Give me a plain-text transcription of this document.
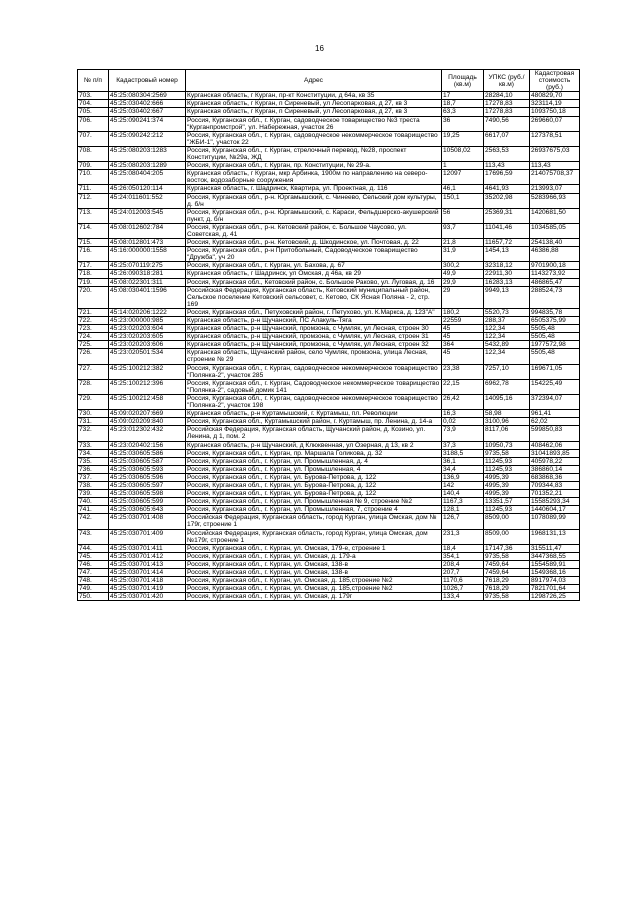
16
№ п/п	Кадастровый номер	Адрес	Площадь (кв.м)	УПКС (руб./кв.м)	Кадастровая стоимость (руб.)
703.	45:25:080304:2569	Курганская область, г Курган, пр-кт Конституции, д 64а, кв 35	17	28284,10	480829,70
704.	45:25:030402:666	Курганская область, г Курган, п Сиреневый, ул Лесопарковая, д 27, кв 3	18,7	17278,83	323114,19
705.	45:25:030402:667	Курганская область, г Курган, п Сиреневый, ул Лесопарковая, д 27, кв 3	63,3	17278,83	1093750,18
706.	45:25:090241:374	Россия, Курганская обл., г. Курган, садоводческое товарищество №3 треста "Курганпромстрой", ул. Набережная, участок 26	36	7490,56	269660,07
707.	45:25:090242:212	Россия, Курганская обл., г. Курган, садоводческое некоммерческое товарищество "ЖБИ-1", участок 22	19,25	6617,07	127378,51
708.	45:25:080203:1283	Россия, Курганская обл., г. Курган, стрелочный перевод, №28, проспект Конституции, №29а, ЖД	10508,02	2563,53	26937675,03
709.	45:25:080203:1289	Россия, Курганская обл., г. Курган, пр. Конституции, № 29-а.	1	113,43	113,43
710.	45:25:080404:205	Курганская область, г Курган, мкр Арбинка, 1900м по направлению на северо-восток, водозаборные сооружения	12097	17696,59	214075708,37
711.	45:26:050120:114	Курганская область, г. Шадринск, Квартира, ул. Проектная, д. 116	46,1	4641,93	213993,07
712.	45:24:011601:552	Россия, Курганская обл., р-н. Юргамышский, с. Чинеево, Сельский дом культуры, д. б/н	150,1	35202,98	5283966,93
713.	45:24:012003:545	Россия, Курганская обл., р-н. Юргамышский, с. Караси, Фельдшерско-акушерский пункт, д. б/н	56	25369,31	1420681,50
714.	45:08:012602:784	Россия, Курганская обл., р-н. Кетовский район, с. Большое Чаусово, ул. Советская, д. 41	93,7	11041,46	1034585,05
715.	45:08:012801:473	Россия, Курганская обл., р-н. Кетовский, д. Шкодинское, ул. Почтовая, д. 22	21,8	11657,72	254138,40
716.	45:16:000000:1558	Россия, Курганская обл., р-н Притобольный, Садоводческое товарищество "Дружба", уч 20	31,9	1454,13	46386,88
717.	45:25:070119:275	Россия, Курганская обл., г. Курган, ул. Бахова, д. 67	300,2	32318,12	9701900,18
718.	45:26:090318:281	Курганская область, г Шадринск, ул Омская, д 46а, кв 29	49,9	22911,30	1143273,92
719.	45:08:022301:311	Россия, Курганская обл., Кетовский район, с. Большое Раково, ул. Луговая, д. 16	29,9	16283,13	486865,47
720.	45:08:030401:1596	Российская Федерация, Курганская область, Кетовский муниципальный район, Сельское поселение Кетовский сельсовет, с. Кетово, СК Ясная Поляна - 2, стр. 169	29	9949,13	288524,73
721.	45:14:020206:1222	Россия, Курганская обл., Петуховский район, г. Петухово, ул. К.Маркса, д. 123"А"	180,2	5520,73	994835,78
722.	45:23:000000:985	Курганская область, р-н Щучанский, ПС Алакуль-Тяга	22559	288,37	6505375,99
723.	45:23:020203:604	Курганская область, р-н Щучанский, промзона, с Чумляк, ул Лесная, строен 30	45	122,34	5505,48
724.	45:23:020203:605	Курганская область, р-н Щучанский, промзона, с Чумляк, ул Лесная, строен 31	45	122,34	5505,48
725.	45:23:020203:606	Курганская область, р-н Щучанский, промзона, с Чумляк, ул Лесная, строен 32	364	5432,89	1977572,98
726.	45:23:020501:534	Курганская область, Щучанский район, село Чумляк, промзона, улица Лесная, строение № 29	45	122,34	5505,48
727.	45:25:100212:382	Россия, Курганская обл., г. Курган, садоводческое некоммерческое товарищество "Полянка-2", участок 285	23,38	7257,10	169671,05
728.	45:25:100212:396	Россия, Курганская обл., г. Курган, Садоводческое некоммерческое товарищество "Полянка-2", садовый домик 141	22,15	6962,78	154225,49
729.	45:25:100212:458	Россия, Курганская обл., г. Курган, садоводческое некоммерческое товарищество "Полянка-2", участок 198	26,42	14095,16	372394,07
730.	45:09:020207:669	Курганская область, р-н Куртамышский, г. Куртамыш, пл. Революции	16,3	58,98	961,41
731.	45:09:020209:840	Россия, Курганская обл., Куртамышский район, г. Куртамыш, пр. Ленина, д. 14-а	0,02	3100,96	62,02
732.	45:23:012302:432	Российская Федерация, Курганская область, Щучанский район, д. Козино, ул. Ленина, д 1, пом. 2	73,9	8117,06	599850,83
733.	45:23:020402:156	Курганская область, р-н Щучанский, д Клюквенная, ул Озерная, д 13, кв 2	37,3	10950,73	408462,06
734.	45:25:030605:586	Россия, Курганская обл., г. Курган, пр. Маршала Голикова, д. 32	3188,5	9735,58	31041893,85
735.	45:25:030605:587	Россия, Курганская обл., г. Курган, ул. Промышленная, д. 4	36,1	11245,93	405978,22
736.	45:25:030605:593	Россия, Курганская обл., г. Курган, ул. Промышленная, 4	34,4	11245,93	386860,14
737.	45:25:030605:596	Россия, Курганская обл., г. Курган, ул. Бурова-Петрова, д. 122	136,9	4995,39	683868,36
738.	45:25:030605:597	Россия, Курганская обл., г. Курган, ул. Бурова-Петрова, д. 122	142	4995,39	709344,83
739.	45:25:030605:598	Россия, Курганская обл., г. Курган, ул. Бурова-Петрова, д. 122	140,4	4995,39	701352,21
740.	45:25:030605:599	Россия, Курганская обл., г. Курган, ул. Промышленная № 9, строение №2	1167,3	13351,57	15585293,34
741.	45:25:030605:643	Россия, Курганская обл., г. Курган, ул. Промышленная, 7, строение 4	128,1	11245,93	1440604,17
742.	45:25:030701:408	Российская Федерация, Курганская область, город Курган, улица Омская, дом № 179г, строение 1	126,7	8509,00	1078089,99
743.	45:25:030701:409	Российская Федерация, Курганская область, город Курган, улица Омская, дом №179г, строение 1	231,3	8509,00	1968131,13
744.	45:25:030701:411	Россия, Курганская обл., г. Курган, ул. Омская, 179-е, строение 1	18,4	17147,36	315511,47
745.	45:25:030701:412	Россия, Курганская обл., г. Курган, ул. Омская, д. 179-а	354,1	9735,58	3447368,55
746.	45:25:030701:413	Россия, Курганская обл., г. Курган, ул. Омская, 138-в	208,4	7459,64	1554589,91
747.	45:25:030701:414	Россия, Курганская обл., г. Курган, ул. Омская, 138-в	207,7	7459,64	1549368,16
748.	45:25:030701:418	Россия, Курганская обл., г. Курган, ул. Омская, д. 185,строение №2	1170,6	7618,29	8917974,03
749.	45:25:030701:419	Россия, Курганская обл., г. Курган, ул. Омская, д. 185,строение №2	1026,7	7618,29	7821701,64
750.	45:25:030701:420	Россия, Курганская обл., г. Курган, ул. Омская, д. 179г	133,4	9735,58	1298726,25
